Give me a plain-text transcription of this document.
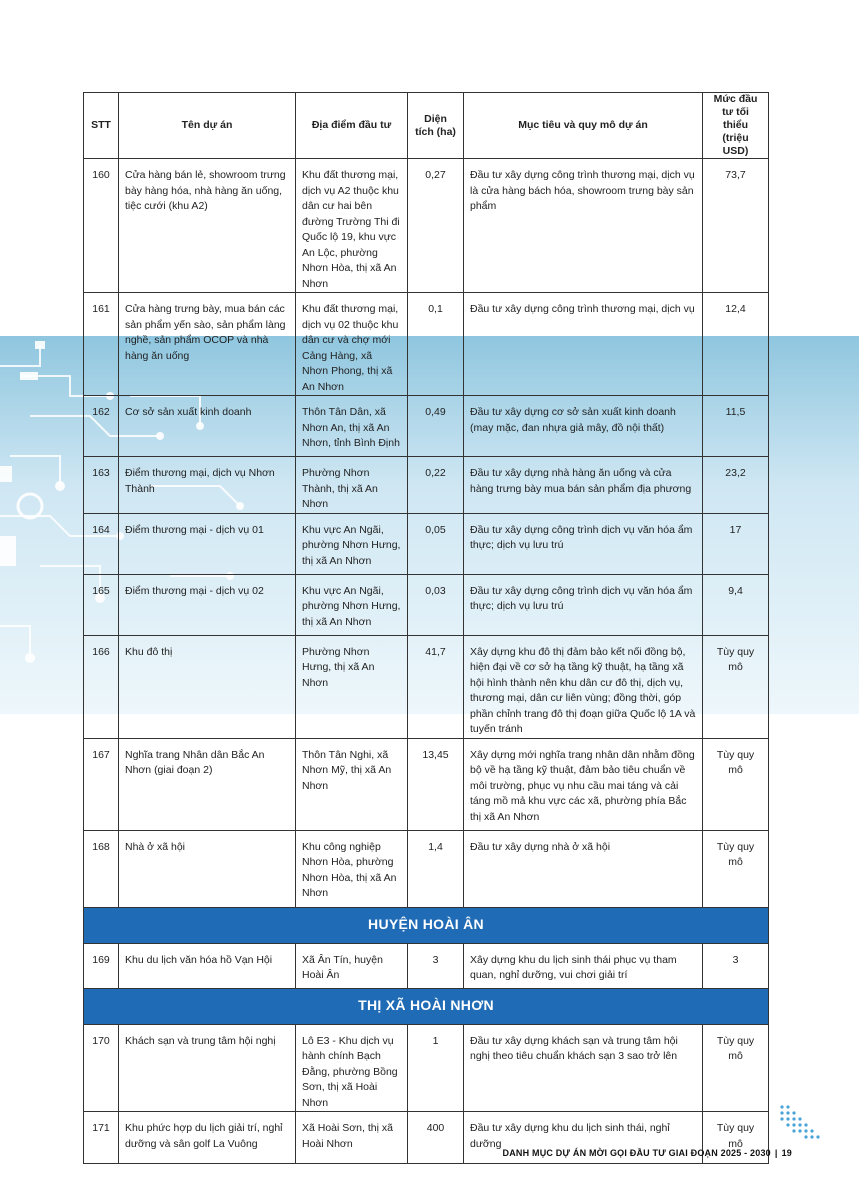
STT	Tên dự án	Địa điểm đầu tư	Diện tích (ha)	Mục tiêu và quy mô dự án	Mức đầu tư tối thiểu (triệu USD)

160	Cửa hàng bán lẻ, showroom trưng bày hàng hóa, nhà hàng ăn uống, tiệc cưới (khu A2)	Khu đất thương mại, dịch vụ A2 thuộc khu dân cư hai bên đường Trường Thi đi Quốc lộ 19, khu vực An Lộc, phường Nhơn Hòa, thị xã An Nhơn	0,27	Đầu tư xây dựng công trình thương mại, dịch vụ là cửa hàng bách hóa, showroom trưng bày sản phẩm	73,7

161	Cửa hàng trưng bày, mua bán các sản phẩm yến sào, sản phẩm làng nghề, sản phẩm OCOP và nhà hàng ăn uống	Khu đất thương mại, dịch vụ 02 thuộc khu dân cư và chợ mới Cảng Hàng, xã Nhơn Phong, thị xã An Nhơn	0,1	Đầu tư xây dựng công trình thương mại, dịch vụ	12,4

162	Cơ sở sản xuất kinh doanh	Thôn Tân Dân, xã Nhơn An, thị xã An Nhơn, tỉnh Bình Định	0,49	Đầu tư xây dựng cơ sở sản xuất kinh doanh (may mặc, đan nhựa giả mây, đồ nội thất)	11,5

163	Điểm thương mại, dịch vụ Nhơn Thành	Phường Nhơn Thành, thị xã An Nhơn	0,22	Đầu tư xây dựng nhà hàng ăn uống và cửa hàng trưng bày mua bán sản phẩm địa phương	23,2

164	Điểm thương mại - dịch vụ 01	Khu vực An Ngãi, phường Nhơn Hưng, thị xã An Nhơn	0,05	Đầu tư xây dựng công trình dịch vụ văn hóa ẩm thực; dịch vụ lưu trú	17

165	Điểm thương mại - dịch vụ 02	Khu vực An Ngãi, phường Nhơn Hưng, thị xã An Nhơn	0,03	Đầu tư xây dựng công trình dịch vụ văn hóa ẩm thực; dịch vụ lưu trú	9,4

166	Khu đô thị	Phường Nhơn Hưng, thị xã An Nhơn	41,7	Xây dựng khu đô thị đảm bảo kết nối đồng bộ, hiện đại về cơ sở hạ tầng kỹ thuật, hạ tầng xã hội hình thành nên khu dân cư đô thị, dịch vụ, thương mại, dân cư liên vùng; đồng thời, góp phần chỉnh trang đô thị đoạn giữa Quốc lộ 1A và tuyến tránh	Tùy quy mô

167	Nghĩa trang Nhân dân Bắc An Nhơn (giai đoạn 2)	Thôn Tân Nghi, xã Nhơn Mỹ, thị xã An Nhơn	13,45	Xây dựng mới nghĩa trang nhân dân nhằm đồng bộ về hạ tầng kỹ thuật, đảm bảo tiêu chuẩn về môi trường, phục vụ nhu cầu mai táng và cải táng mồ mả khu vực các xã, phường phía Bắc thị xã An Nhơn	Tùy quy mô

168	Nhà ở xã hội	Khu công nghiệp Nhơn Hòa, phường Nhơn Hòa, thị xã An Nhơn	1,4	Đầu tư xây dựng nhà ở xã hội	Tùy quy mô

HUYỆN HOÀI ÂN					

169	Khu du lịch văn hóa hồ Vạn Hội	Xã Ân Tín, huyện Hoài Ân	3	Xây dựng khu du lịch sinh thái phục vụ tham quan, nghỉ dưỡng, vui chơi giải trí	3

THỊ XÃ HOÀI NHƠN					

170	Khách sạn và trung tâm hội nghị	Lô E3 - Khu dịch vụ hành chính Bạch Đằng, phường Bồng Sơn, thị xã Hoài Nhơn	1	Đầu tư xây dựng khách sạn và trung tâm hội nghị theo tiêu chuẩn khách sạn 3 sao trở lên	Tùy quy mô

171	Khu phức hợp du lịch giải trí, nghỉ dưỡng và sân golf La Vuông	Xã Hoài Sơn, thị xã Hoài Nhơn	400	Đầu tư xây dựng khu du lịch sinh thái, nghỉ dưỡng	Tùy quy mô
DANH MỤC DỰ ÁN MỜI GỌI ĐẦU TƯ GIAI ĐOẠN 2025 - 2030 | 19
